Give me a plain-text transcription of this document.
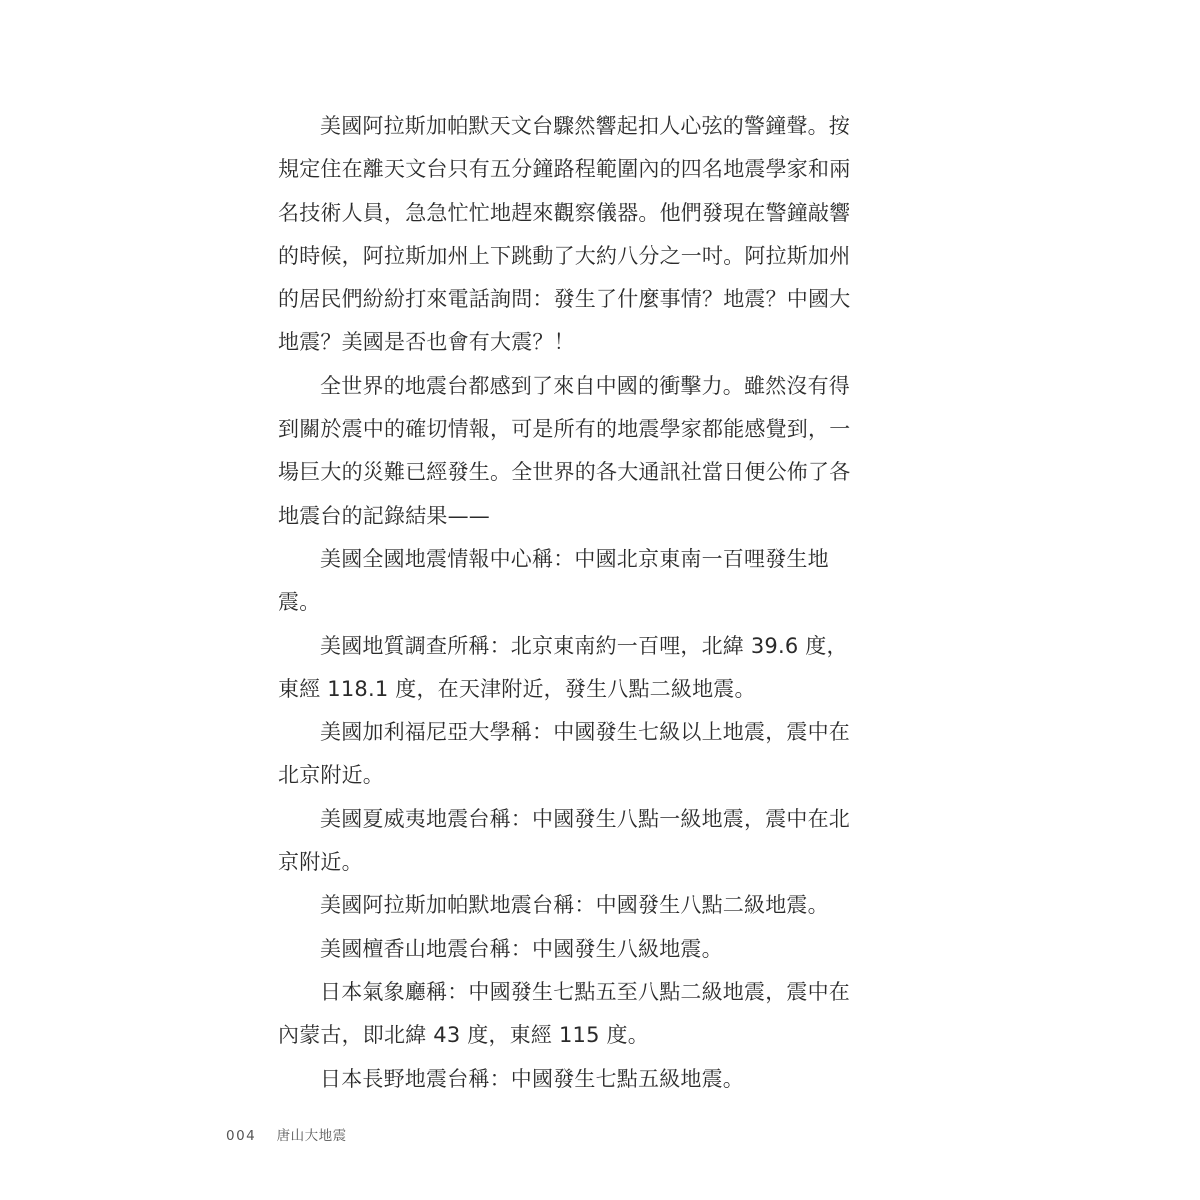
美國阿拉斯加帕默天文台驟然響起扣人心弦的警鐘聲。按
規定住在離天文台只有五分鐘路程範圍內的四名地震學家和兩
名技術人員，急急忙忙地趕來觀察儀器。他們發現在警鐘敲響
的時候，阿拉斯加州上下跳動了大約八分之一吋。阿拉斯加州
的居民們紛紛打來電話詢問：發生了什麼事情？地震？中國大
地震？美國是否也會有大震？！
全世界的地震台都感到了來自中國的衝擊力。雖然沒有得
到關於震中的確切情報，可是所有的地震學家都能感覺到，一
場巨大的災難已經發生。全世界的各大通訊社當日便公佈了各
地震台的記錄結果——
美國全國地震情報中心稱：中國北京東南一百哩發生地
震。
美國地質調查所稱：北京東南約一百哩，北緯 39.6 度，
東經 118.1 度，在天津附近，發生八點二級地震。
美國加利福尼亞大學稱：中國發生七級以上地震，震中在
北京附近。
美國夏威夷地震台稱：中國發生八點一級地震，震中在北
京附近。
美國阿拉斯加帕默地震台稱：中國發生八點二級地震。
美國檀香山地震台稱：中國發生八級地震。
日本氣象廳稱：中國發生七點五至八點二級地震，震中在
內蒙古，即北緯 43 度，東經 115 度。
日本長野地震台稱：中國發生七點五級地震。
004 唐山大地震
